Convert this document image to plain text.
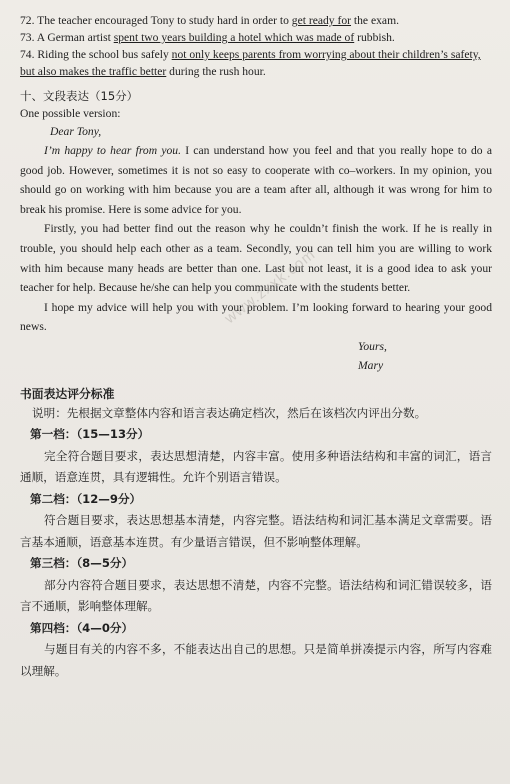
www.zxxk.com
72. The teacher encouraged Tony to study hard in order to get ready for the exam.
73. A German artist spent two years building a hotel which was made of rubbish.
74. Riding the school bus safely not only keeps parents from worrying about their children’s safety,
but also makes the traffic better during the rush hour.
十、文段表达（15分）
One possible version:
Dear Tony,

I’m happy to hear from you. I can understand how you feel and that you really hope to do a good job. However, sometimes it is not so easy to cooperate with co–workers. In my opinion, you should go on working with him because you are a team after all, although it was wrong for him to break his promise. Here is some advice for you.

Firstly, you had better find out the reason why he couldn’t finish the work. If he is really in trouble, you should help each other as a team. Secondly, you can tell him you are willing to work with him because many heads are better than one. Last but not least, it is a good idea to ask your teacher for help. Because he/she can help you communicate with the students better.

I hope my advice will help you with your problem. I’m looking forward to hearing your good news.

Yours,
Mary
书面表达评分标准
说明：先根据文章整体内容和语言表达确定档次，然后在该档次内评出分数。
第一档：（15—13分）

完全符合题目要求，表达思想清楚，内容丰富。使用多种语法结构和丰富的词汇，语言通顺，语意连贯，具有逻辑性。允许个别语言错误。

第二档：（12—9分）

符合题目要求，表达思想基本清楚，内容完整。语法结构和词汇基本满足文章需要。语言基本通顺，语意基本连贯。有少量语言错误，但不影响整体理解。

第三档：（8—5分）

部分内容符合题目要求，表达思想不清楚，内容不完整。语法结构和词汇错误较多，语言不通顺，影响整体理解。

第四档：（4—0分）

与题目有关的内容不多，不能表达出自己的思想。只是简单拼凑提示内容，所写内容难以理解。
